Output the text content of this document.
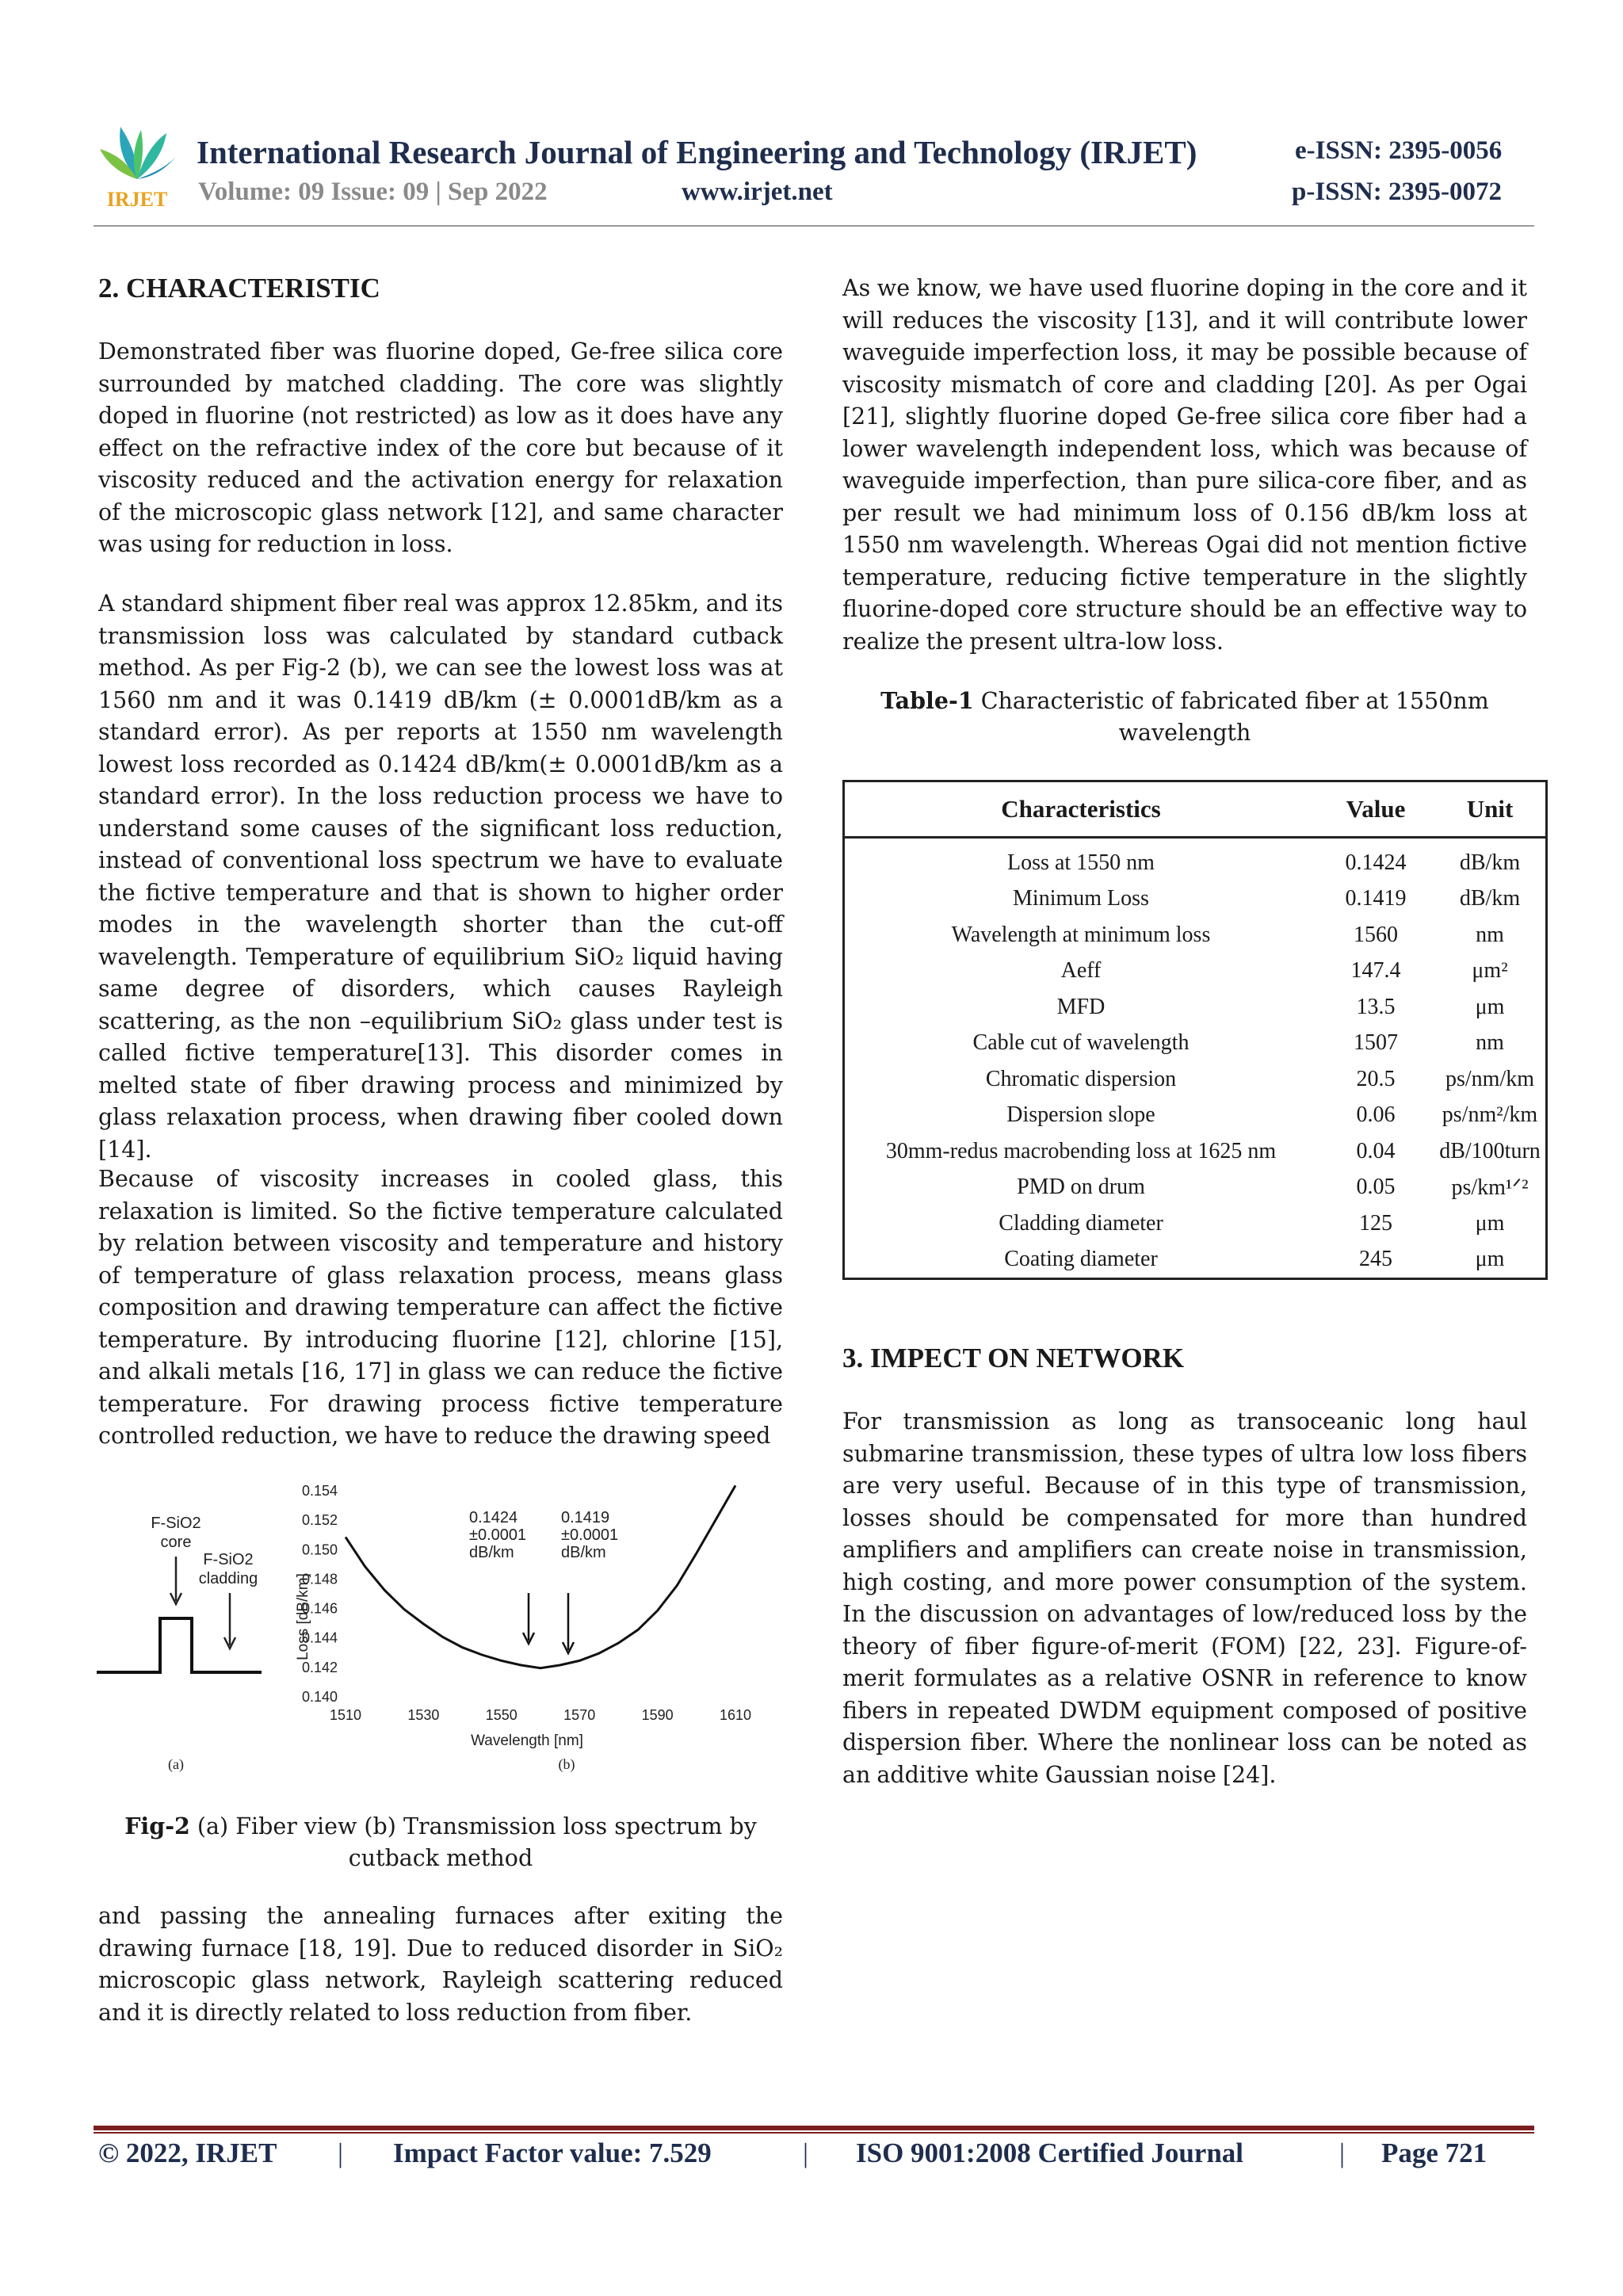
IRJET
International Research Journal of Engineering and Technology (IRJET)	e-ISSN: 2395-0056
Volume: 09 Issue: 09 | Sep 2022	www.irjet.net	p-ISSN: 2395-0072
2. CHARACTERISTIC
Demonstrated fiber was fluorine doped, Ge-free silica core surrounded by matched cladding. The core was slightly doped in fluorine (not restricted) as low as it does have any effect on the refractive index of the core but because of it viscosity reduced and the activation energy for relaxation of the microscopic glass network [12], and same character was using for reduction in loss.
A standard shipment fiber real was approx 12.85km, and its transmission loss was calculated by standard cutback method. As per Fig-2 (b), we can see the lowest loss was at 1560 nm and it was 0.1419 dB/km (± 0.0001dB/km as a standard error). As per reports at 1550 nm wavelength lowest loss recorded as 0.1424 dB/km(± 0.0001dB/km as a standard error). In the loss reduction process we have to understand some causes of the significant loss reduction, instead of conventional loss spectrum we have to evaluate the fictive temperature and that is shown to higher order modes in the wavelength shorter than the cut-off wavelength. Temperature of equilibrium SiO₂ liquid having same degree of disorders, which causes Rayleigh scattering, as the non –equilibrium SiO₂ glass under test is called fictive temperature[13]. This disorder comes in melted state of fiber drawing process and minimized by glass relaxation process, when drawing fiber cooled down [14].
Because of viscosity increases in cooled glass, this relaxation is limited. So the fictive temperature calculated by relation between viscosity and temperature and history of temperature of glass relaxation process, means glass composition and drawing temperature can affect the fictive temperature. By introducing fluorine [12], chlorine [15], and alkali metals [16, 17] in glass we can reduce the fictive temperature. For drawing process fictive temperature controlled reduction, we have to reduce the drawing speed
F-SiO2
core
F-SiO2
cladding
(a)
Loss [dB/km]
Wavelength [nm]
(b)
0.154
0.152
0.150
0.148
0.146
0.144
0.142
0.140
1510	1530	1550	1570	1590	1610
0.1424
±0.0001
dB/km
0.1419
±0.0001
dB/km
Fig-2 (a) Fiber view (b) Transmission loss spectrum by cutback method
and passing the annealing furnaces after exiting the drawing furnace [18, 19]. Due to reduced disorder in SiO₂ microscopic glass network, Rayleigh scattering reduced and it is directly related to loss reduction from fiber.
As we know, we have used fluorine doping in the core and it will reduces the viscosity [13], and it will contribute lower waveguide imperfection loss, it may be possible because of viscosity mismatch of core and cladding [20]. As per Ogai [21], slightly fluorine doped Ge-free silica core fiber had a lower wavelength independent loss, which was because of waveguide imperfection, than pure silica-core fiber, and as per result we had minimum loss of 0.156 dB/km loss at 1550 nm wavelength. Whereas Ogai did not mention fictive temperature, reducing fictive temperature in the slightly fluorine-doped core structure should be an effective way to realize the present ultra-low loss.
Table-1 Characteristic of fabricated fiber at 1550nm wavelength
Characteristics	Value	Unit
Loss at 1550 nm	0.1424	dB/km
Minimum Loss	0.1419	dB/km
Wavelength at minimum loss	1560	nm
Aeff	147.4	μm²
MFD	13.5	μm
Cable cut of wavelength	1507	nm
Chromatic dispersion	20.5	ps/nm/km
Dispersion slope	0.06	ps/nm²/km
30mm-redus macrobending loss at 1625 nm	0.04	dB/100turn
PMD on drum	0.05	ps/km¹ᐟ²
Cladding diameter	125	μm
Coating diameter	245	μm
3. IMPECT ON NETWORK
For transmission as long as transoceanic long haul submarine transmission, these types of ultra low loss fibers are very useful. Because of in this type of transmission, losses should be compensated for more than hundred amplifiers and amplifiers can create noise in transmission, high costing, and more power consumption of the system. In the discussion on advantages of low/reduced loss by the theory of fiber figure-of-merit (FOM) [22, 23]. Figure-of-merit formulates as a relative OSNR in reference to know fibers in repeated DWDM equipment composed of positive dispersion fiber. Where the nonlinear loss can be noted as an additive white Gaussian noise [24].
© 2022, IRJET | Impact Factor value: 7.529	| ISO 9001:2008 Certified Journal	| Page 721
